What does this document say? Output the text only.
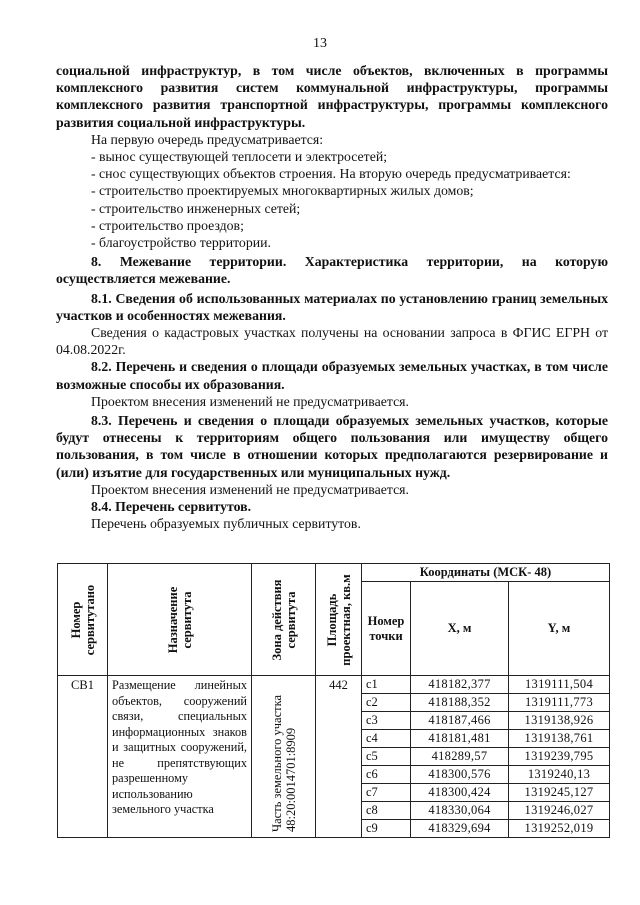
13

социальной инфраструктур, в том числе объектов, включенных в программы комплексного развития систем коммунальной инфраструктуры, программы комплексного развития транспортной инфраструктуры, программы комплексного развития социальной инфраструктуры.

На первую очередь предусматривается:

- вынос существующей теплосети и электросетей;

- снос существующих объектов строения. На вторую очередь предусматривается:

- строительство проектируемых многоквартирных жилых домов;

- строительство инженерных сетей;

- строительство проездов;

- благоустройство территории.

8. Межевание территории. Характеристика территории, на которую осуществляется межевание.

8.1. Сведения об использованных материалах по установлению границ земельных участков и особенностях межевания.

Сведения о кадастровых участках получены на основании запроса в ФГИС ЕГРН от 04.08.2022г.

8.2. Перечень и сведения о площади образуемых земельных участках, в том числе возможные способы их образования.

Проектом внесения изменений не предусматривается.

8.3. Перечень и сведения о площади образуемых земельных участков, которые будут отнесены к территориям общего пользования или имуществу общего пользования, в том числе в отношении которых предполагаются резервирование и (или) изъятие для государственных или муниципальных нужд.

Проектом внесения изменений не предусматривается.

8.4. Перечень сервитутов.

Перечень образуемых публичных сервитутов.

Номер сервитутано	Назначение сервитута	Зона действия сервитута	Площадь проектная, кв.м	Координаты (МСК- 48)		
				Номер точки	X, м	Y, м
СВ1	Размещение линейных объектов, сооружений связи, специальных информационных знаков и защитных сооружений, не препятствующих разрешенному использованию земельного участка	Часть земельного участка 48:20:0014701:8909	442	с1	418182,377	1319111,504
				с2	418188,352	1319111,773
				с3	418187,466	1319138,926
				с4	418181,481	1319138,761
				с5	418289,57	1319239,795
				с6	418300,576	1319240,13
				с7	418300,424	1319245,127
				с8	418330,064	1319246,027
				с9	418329,694	1319252,019
